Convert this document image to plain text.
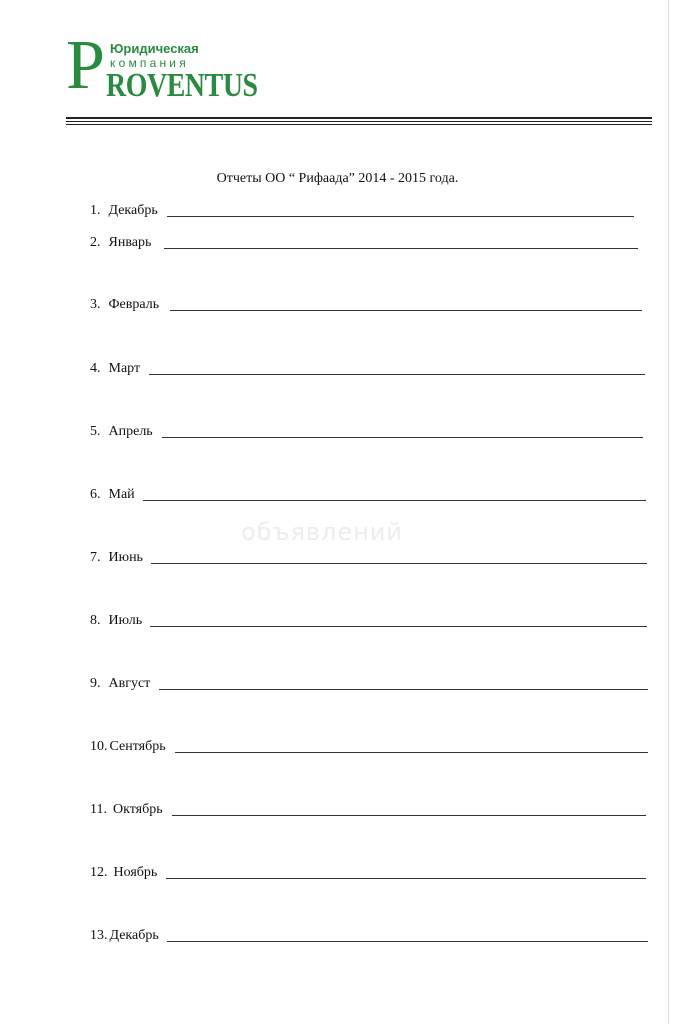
P Юридическая
компания
ROVENTUS
Отчеты ОО “ Рифаада” 2014 - 2015 года.
1. Декабрь
2. Январь
3. Февраль
4. Март
5. Апрель
6. Май
7. Июнь
8. Июль
9. Август
10. Сентябрь
11. Октябрь
12. Ноябрь
13. Декабрь
объявлений
